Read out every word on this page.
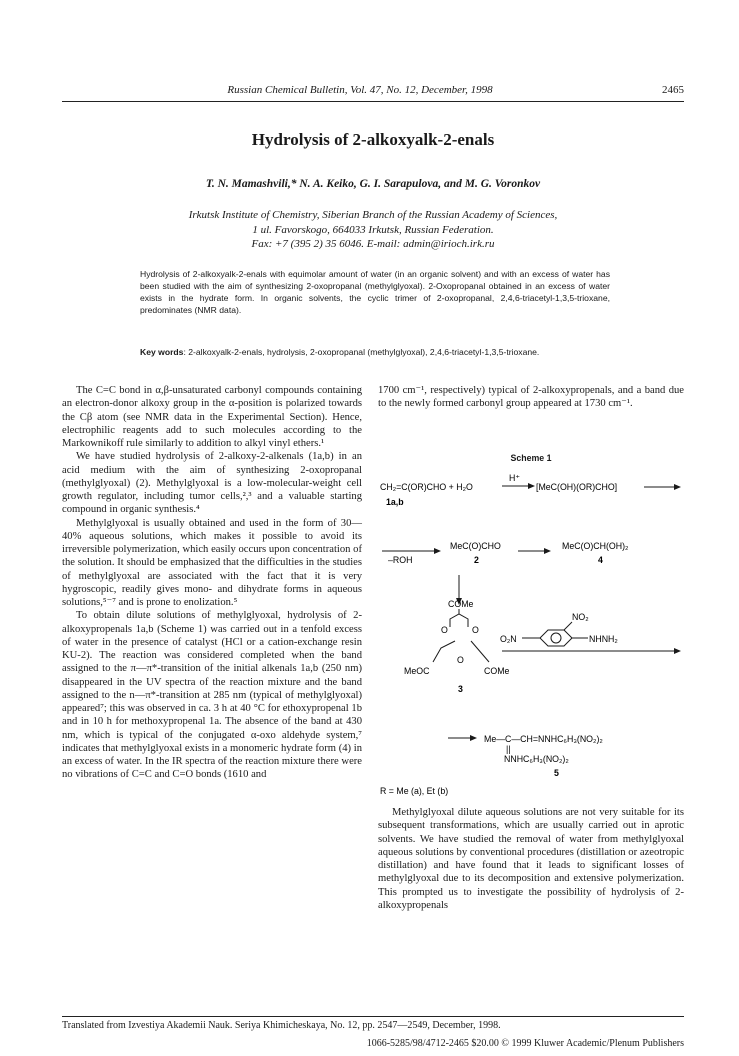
Russian Chemical Bulletin, Vol. 47, No. 12, December, 1998	2465
Hydrolysis of 2-alkoxyalk-2-enals
T. N. Mamashvili,* N. A. Keiko, G. I. Sarapulova, and M. G. Voronkov
Irkutsk Institute of Chemistry, Siberian Branch of the Russian Academy of Sciences,
1 ul. Favorskogo, 664033 Irkutsk, Russian Federation.
Fax: +7 (395 2) 35 6046. E-mail: admin@irioch.irk.ru
Hydrolysis of 2-alkoxyalk-2-enals with equimolar amount of water (in an organic solvent) and with an excess of water has been studied with the aim of synthesizing 2-oxopropanal (methylglyoxal). 2-Oxopropanal obtained in an excess of water exists in the hydrate form. In organic solvents, the cyclic trimer of 2-oxopropanal, 2,4,6-triacetyl-1,3,5-trioxane, predominates (NMR data).
Key words: 2-alkoxyalk-2-enals, hydrolysis, 2-oxopropanal (methylglyoxal), 2,4,6-triacetyl-1,3,5-trioxane.

The C=C bond in α,β-unsaturated carbonyl compounds containing an electron-donor alkoxy group in the α-position is polarized towards the Cβ atom (see NMR data in the Experimental Section). Hence, electrophilic reagents add to such molecules according to the Markownikoff rule similarly to addition to alkyl vinyl ethers.¹

We have studied hydrolysis of 2-alkoxy-2-alkenals (1a,b) in an acid medium with the aim of synthesizing 2-oxopropanal (methylglyoxal) (2). Methylglyoxal is a low-molecular-weight cell growth regulator, including tumor cells,²,³ and a valuable starting compound in organic synthesis.⁴

Methylglyoxal is usually obtained and used in the form of 30—40% aqueous solutions, which makes it possible to avoid its irreversible polymerization, which easily occurs upon concentration of the solution. It should be emphasized that the difficulties in the studies of methylglyoxal are associated with the fact that it is very hygroscopic, readily gives mono- and dihydrate forms in aqueous solutions,⁵⁻⁷ and is prone to enolization.⁵

To obtain dilute solutions of methylglyoxal, hydrolysis of 2-alkoxypropenals 1a,b (Scheme 1) was carried out in a tenfold excess of water in the presence of catalyst (HCl or a cation-exchange resin KU-2). The reaction was considered completed when the band assigned to the π—π*-transition of the initial alkenals 1a,b (250 nm) disappeared in the UV spectra of the reaction mixture and the band assigned to the n—π*-transition at 285 nm (typical of methylglyoxal) appeared⁷; this was observed in ca. 3 h at 40 °C for ethoxypropenal 1b and in 10 h for methoxypropenal 1a. The absence of the band at 430 nm, which is typical of the conjugated α-oxo aldehyde system,⁷ indicates that methylglyoxal exists in a monomeric hydrate form (4) in an excess of water. In the IR spectra of the reaction mixture there were no vibrations of C=C and C=O bonds (1610 and

1700 cm⁻¹, respectively) typical of 2-alkoxypropenals, and a band due to the newly formed carbonyl group appeared at 1730 cm⁻¹.

Scheme 1
CH₂=C(OR)CHO + H₂O
H⁺
[MeC(OH)(OR)CHO]
1a,b
–ROH
MeC(O)CHO
2
MeC(O)CH(OH)₂
4
COMe
O	O
O
MeOC	COMe
3
NO₂
O₂N	NHNH₂
Me—C—CH=NNHC₆H₃(NO₂)₂
||
NNHC₆H₃(NO₂)₂
5
R = Me (a), Et (b)

Methylglyoxal dilute aqueous solutions are not very suitable for its subsequent transformations, which are usually carried out in aprotic solvents. We have studied the removal of water from methylglyoxal aqueous solutions by conventional procedures (distillation or azeotropic distillation) and have found that it leads to significant losses of methylglyoxal due to its decomposition and extensive polymerization. This prompted us to investigate the possibility of hydrolysis of 2-alkoxypropenals

Translated from Izvestiya Akademii Nauk. Seriya Khimicheskaya, No. 12, pp. 2547—2549, December, 1998.
1066-5285/98/4712-2465 $20.00 © 1999 Kluwer Academic/Plenum Publishers
